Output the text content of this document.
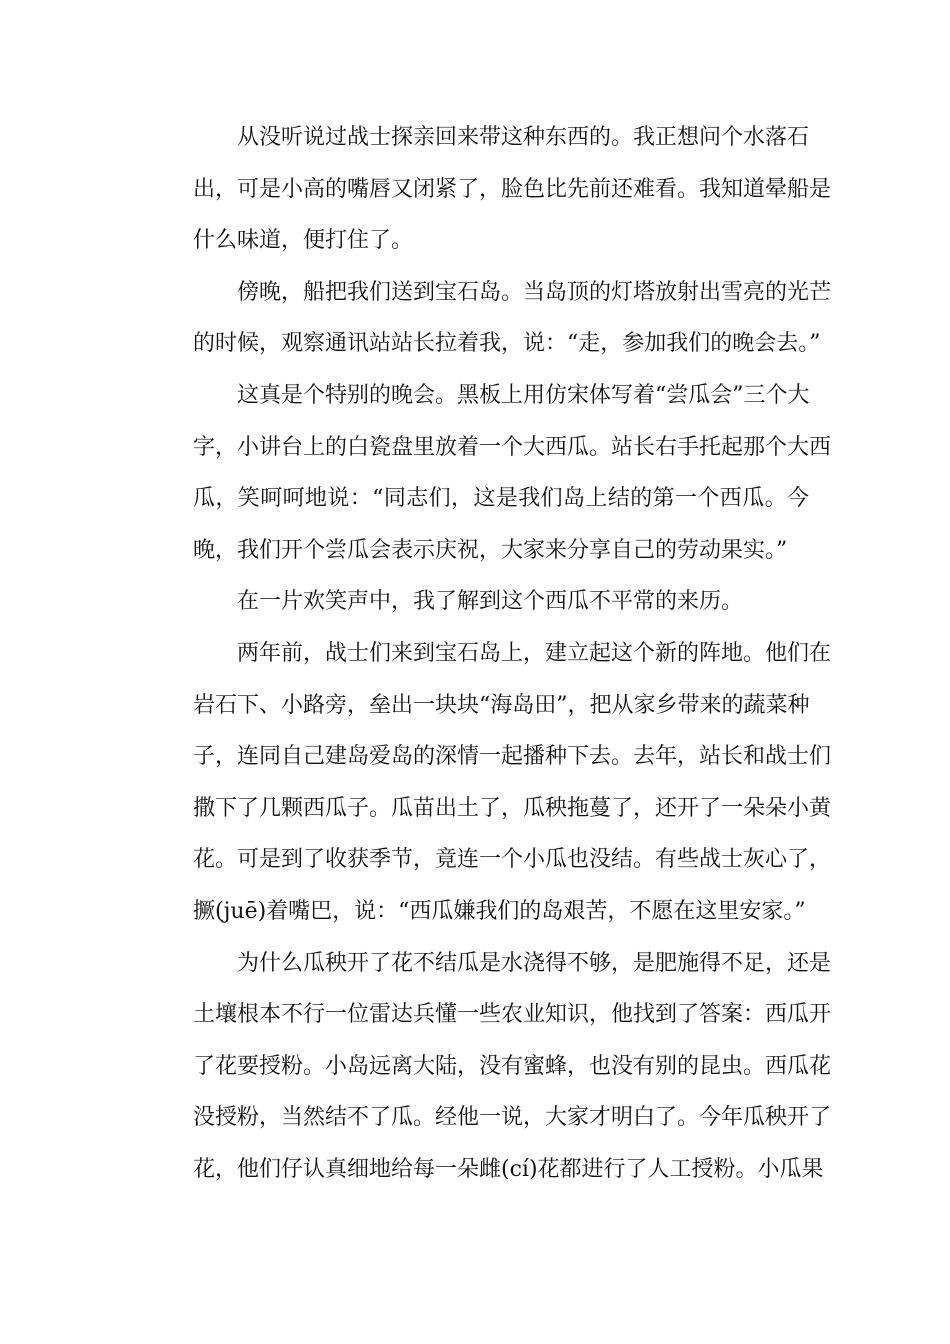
从没听说过战士探亲回来带这种东西的。我正想问个水落石
出，可是小高的嘴唇又闭紧了，脸色比先前还难看。我知道晕船是
什么味道，便打住了。
傍晚，船把我们送到宝石岛。当岛顶的灯塔放射出雪亮的光芒
的时候，观察通讯站站长拉着我，说：“走，参加我们的晚会去。”
这真是个特别的晚会。黑板上用仿宋体写着“尝瓜会”三个大
字，小讲台上的白瓷盘里放着一个大西瓜。站长右手托起那个大西
瓜，笑呵呵地说：“同志们，这是我们岛上结的第一个西瓜。今
晚，我们开个尝瓜会表示庆祝，大家来分享自己的劳动果实。”
在一片欢笑声中，我了解到这个西瓜不平常的来历。
两年前，战士们来到宝石岛上，建立起这个新的阵地。他们在
岩石下、小路旁，垒出一块块“海岛田”，把从家乡带来的蔬菜种
子，连同自己建岛爱岛的深情一起播种下去。去年，站长和战士们
撒下了几颗西瓜子。瓜苗出土了，瓜秧拖蔓了，还开了一朵朵小黄
花。可是到了收获季节，竟连一个小瓜也没结。有些战士灰心了，
撅(juē)着嘴巴，说：“西瓜嫌我们的岛艰苦，不愿在这里安家。”
为什么瓜秧开了花不结瓜是水浇得不够，是肥施得不足，还是
土壤根本不行一位雷达兵懂一些农业知识，他找到了答案：西瓜开
了花要授粉。小岛远离大陆，没有蜜蜂，也没有别的昆虫。西瓜花
没授粉，当然结不了瓜。经他一说，大家才明白了。今年瓜秧开了
花，他们仔认真细地给每一朵雌(cí)花都进行了人工授粉。小瓜果
